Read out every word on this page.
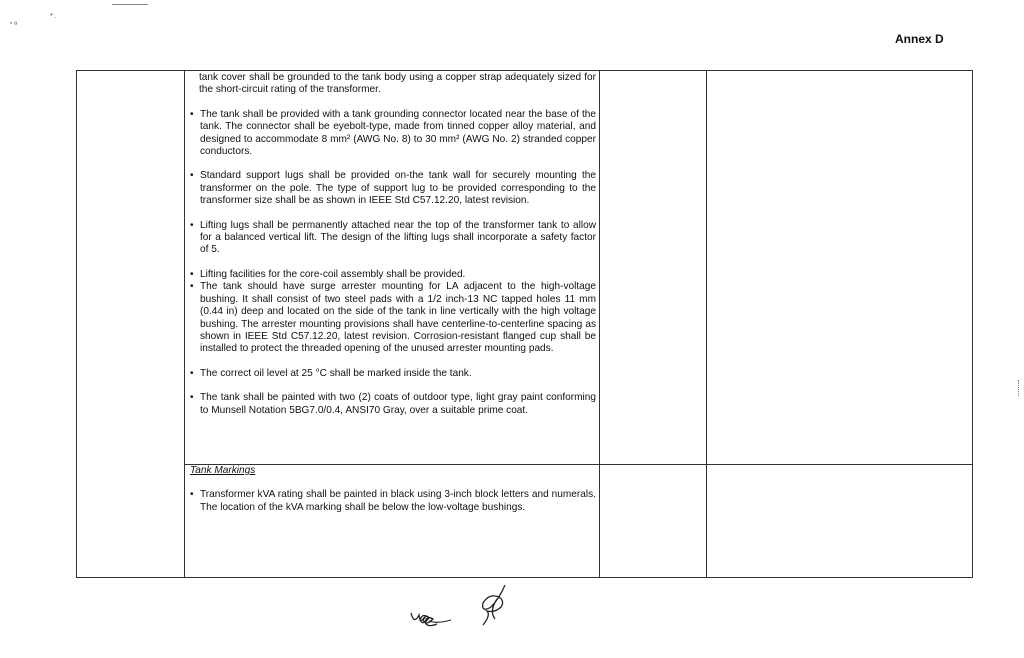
" ª
* .
Annex D

tank cover shall be grounded to the tank body using a copper strap adequately sized for the short-circuit rating of the transformer.

• The tank shall be provided with a tank grounding connector located near the base of the tank. The connector shall be eyebolt-type, made from tinned copper alloy material, and designed to accommodate 8 mm² (AWG No. 8) to 30 mm² (AWG No. 2) stranded copper conductors.

• Standard support lugs shall be provided on-the tank wall for securely mounting the transformer on the pole. The type of support lug to be provided corresponding to the transformer size shall be as shown in IEEE Std C57.12.20, latest revision.

• Lifting lugs shall be permanently attached near the top of the transformer tank to allow for a balanced vertical lift. The design of the lifting lugs shall incorporate a safety factor of 5.

• Lifting facilities for the core-coil assembly shall be provided.

• The tank should have surge arrester mounting for LA adjacent to the high-voltage bushing. It shall consist of two steel pads with a 1/2 inch-13 NC tapped holes 11 mm (0.44 in) deep and located on the side of the tank in line vertically with the high voltage bushing. The arrester mounting provisions shall have centerline-to-centerline spacing as shown in IEEE Std C57.12.20, latest revision. Corrosion-resistant flanged cup shall be installed to protect the threaded opening of the unused arrester mounting pads.

• The correct oil level at 25 °C shall be marked inside the tank.

• The tank shall be painted with two (2) coats of outdoor type, light gray paint conforming to Munsell Notation 5BG7.0/0.4, ANSI70 Gray, over a suitable prime coat.

Tank Markings

• Transformer kVA rating shall be painted in black using 3-inch block letters and numerals. The location of the kVA marking shall be below the low-voltage bushings.
